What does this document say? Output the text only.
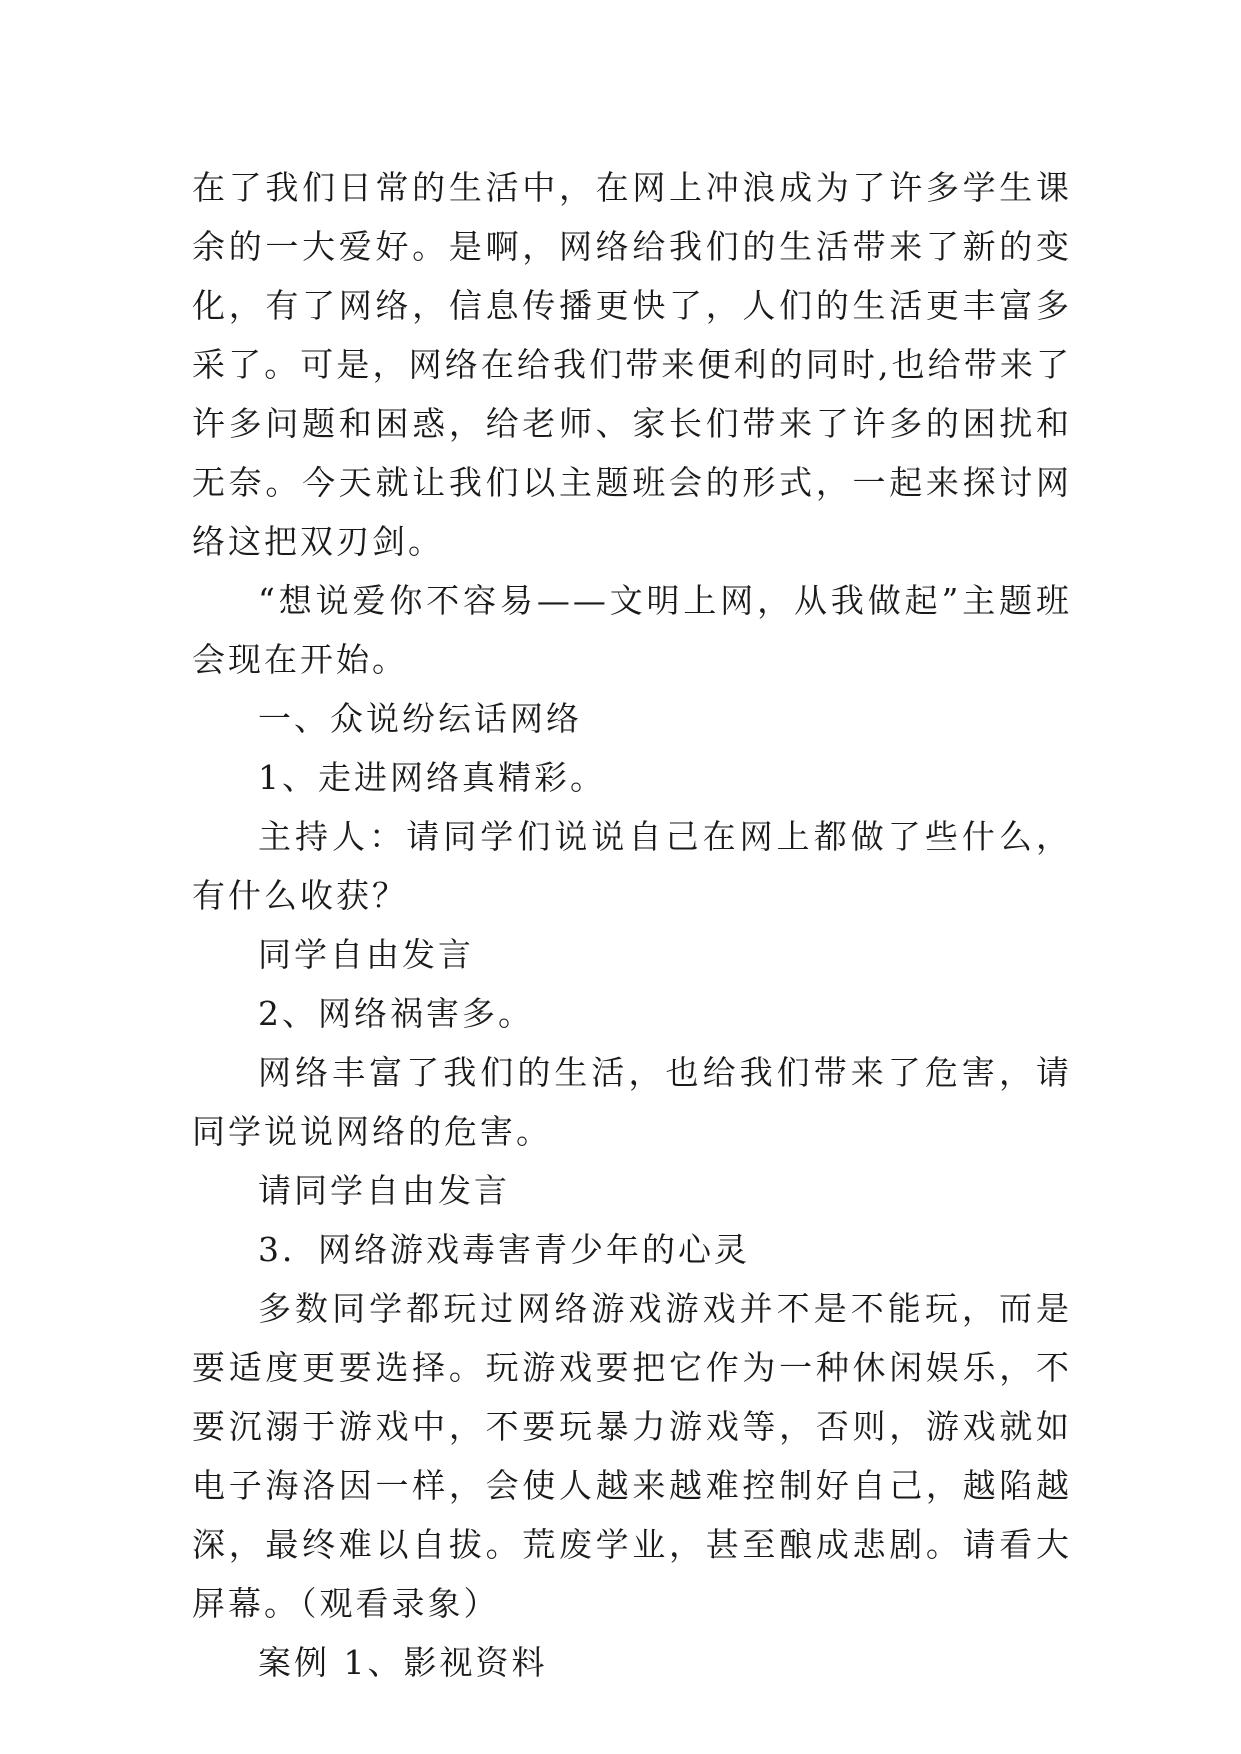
在了我们日常的生活中，在网上冲浪成为了许多学生课余的一大爱好。是啊，网络给我们的生活带来了新的变化，有了网络，信息传播更快了，人们的生活更丰富多采了。可是，网络在给我们带来便利的同时,也给带来了许多问题和困惑，给老师、家长们带来了许多的困扰和无奈。今天就让我们以主题班会的形式，一起来探讨网络这把双刃剑。

“想说爱你不容易——文明上网，从我做起”主题班会现在开始。

一、众说纷纭话网络

1、走进网络真精彩。

主持人：请同学们说说自己在网上都做了些什么，有什么收获？

同学自由发言

2、网络祸害多。

网络丰富了我们的生活，也给我们带来了危害，请同学说说网络的危害。

请同学自由发言

3．网络游戏毒害青少年的心灵

多数同学都玩过网络游戏游戏并不是不能玩，而是要适度更要选择。玩游戏要把它作为一种休闲娱乐，不要沉溺于游戏中，不要玩暴力游戏等，否则，游戏就如电子海洛因一样，会使人越来越难控制好自己，越陷越深，最终难以自拔。荒废学业，甚至酿成悲剧。请看大屏幕。（观看录象）

案例 1、影视资料
